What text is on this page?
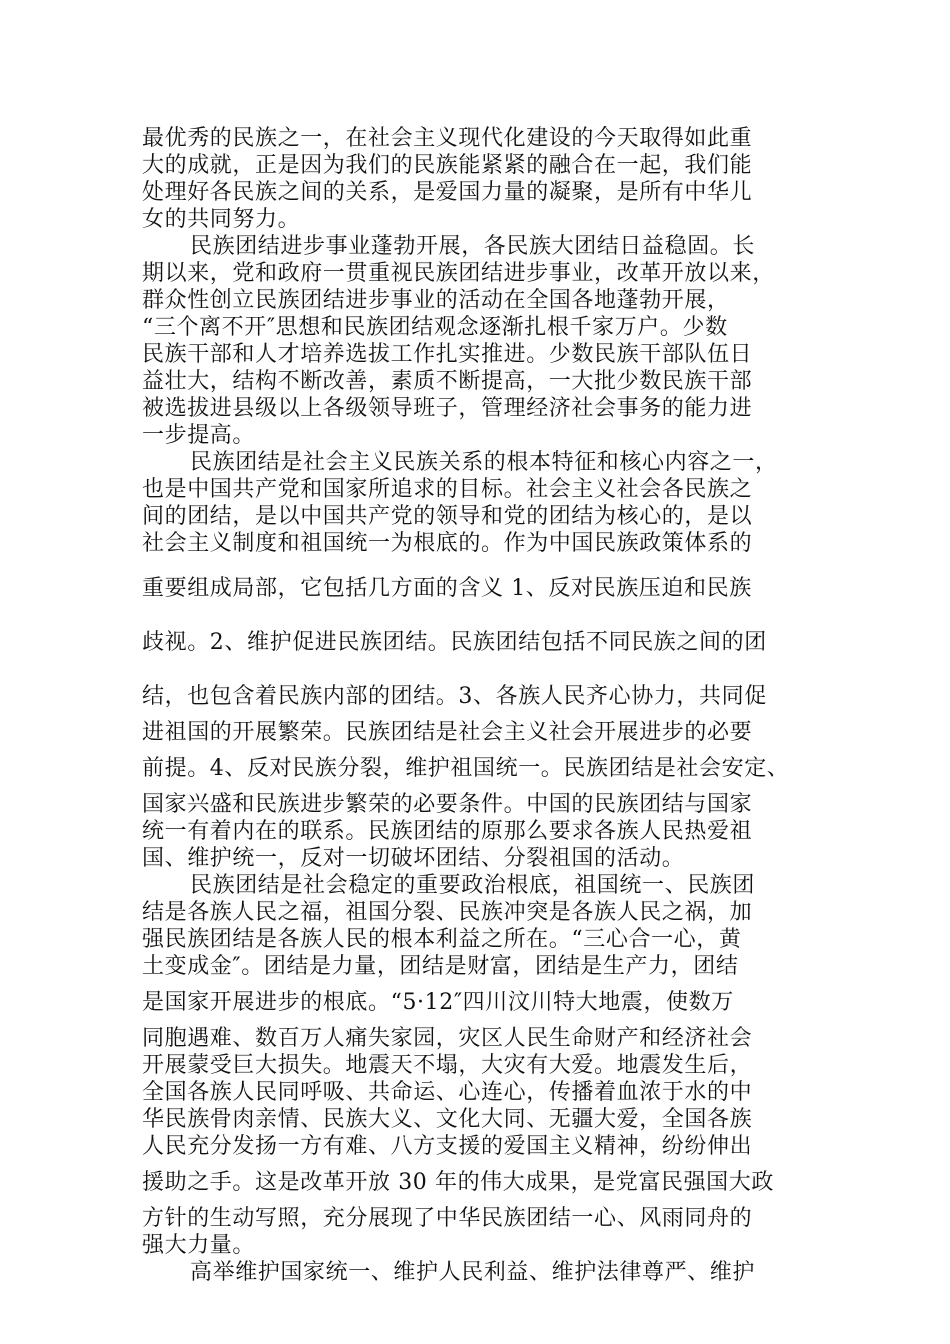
最优秀的民族之一，在社会主义现代化建设的今天取得如此重
大的成就，正是因为我们的民族能紧紧的融合在一起，我们能
处理好各民族之间的关系，是爱国力量的凝聚，是所有中华儿
女的共同努力。
民族团结进步事业蓬勃开展，各民族大团结日益稳固。长
期以来，党和政府一贯重视民族团结进步事业，改革开放以来，
群众性创立民族团结进步事业的活动在全国各地蓬勃开展，
“三个离不开″思想和民族团结观念逐渐扎根千家万户。少数
民族干部和人才培养选拔工作扎实推进。少数民族干部队伍日
益壮大，结构不断改善，素质不断提高，一大批少数民族干部
被选拔进县级以上各级领导班子，管理经济社会事务的能力进
一步提高。
民族团结是社会主义民族关系的根本特征和核心内容之一，
也是中国共产党和国家所追求的目标。社会主义社会各民族之
间的团结，是以中国共产党的领导和党的团结为核心的，是以
社会主义制度和祖国统一为根底的。作为中国民族政策体系的
重要组成局部，它包括几方面的含义 1、反对民族压迫和民族
歧视。2、维护促进民族团结。民族团结包括不同民族之间的团
结，也包含着民族内部的团结。3、各族人民齐心协力，共同促
进祖国的开展繁荣。民族团结是社会主义社会开展进步的必要
前提。4、反对民族分裂，维护祖国统一。民族团结是社会安定、
国家兴盛和民族进步繁荣的必要条件。中国的民族团结与国家
统一有着内在的联系。民族团结的原那么要求各族人民热爱祖
国、维护统一，反对一切破坏团结、分裂祖国的活动。
民族团结是社会稳定的重要政治根底，祖国统一、民族团
结是各族人民之福，祖国分裂、民族冲突是各族人民之祸，加
强民族团结是各族人民的根本利益之所在。“三心合一心，黄
土变成金″。团结是力量，团结是财富，团结是生产力，团结
是国家开展进步的根底。“5·12″四川汶川特大地震，使数万
同胞遇难、数百万人痛失家园，灾区人民生命财产和经济社会
开展蒙受巨大损失。地震天不塌，大灾有大爱。地震发生后，
全国各族人民同呼吸、共命运、心连心，传播着血浓于水的中
华民族骨肉亲情、民族大义、文化大同、无疆大爱，全国各族
人民充分发扬一方有难、八方支援的爱国主义精神，纷纷伸出
援助之手。这是改革开放 30 年的伟大成果，是党富民强国大政
方针的生动写照，充分展现了中华民族团结一心、风雨同舟的
强大力量。
高举维护国家统一、维护人民利益、维护法律尊严、维护
